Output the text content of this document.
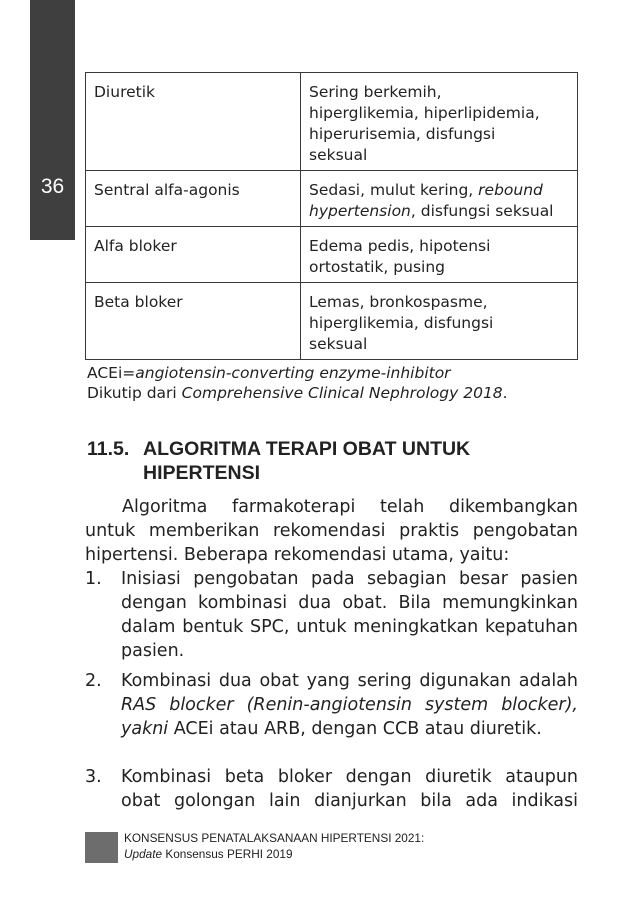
36
Diuretik	Sering berkemih,
hiperglikemia, hiperlipidemia,
hiperurisemia, disfungsi
seksual
Sentral alfa-agonis	Sedasi, mulut kering, rebound
hypertension, disfungsi seksual
Alfa bloker	Edema pedis, hipotensi
ortostatik, pusing
Beta bloker	Lemas, bronkospasme,
hiperglikemia, disfungsi
seksual
ACEi=angiotensin-converting enzyme-inhibitor
Dikutip dari Comprehensive Clinical Nephrology 2018.
11.5. ALGORITMA TERAPI OBAT UNTUK
HIPERTENSI
Algoritma farmakoterapi telah dikembangkan
untuk memberikan rekomendasi praktis pengobatan
hipertensi. Beberapa rekomendasi utama, yaitu:
1. Inisiasi pengobatan pada sebagian besar pasien dengan kombinasi dua obat. Bila memungkinkan dalam bentuk SPC, untuk meningkatkan kepatuhan pasien.
2. Kombinasi dua obat yang sering digunakan adalah RAS blocker (Renin-angiotensin system blocker), yakni ACEi atau ARB, dengan CCB atau diuretik.
3. Kombinasi beta bloker dengan diuretik ataupun obat golongan lain dianjurkan bila ada indikasi
KONSENSUS PENATALAKSANAAN HIPERTENSI 2021:
Update Konsensus PERHI 2019
